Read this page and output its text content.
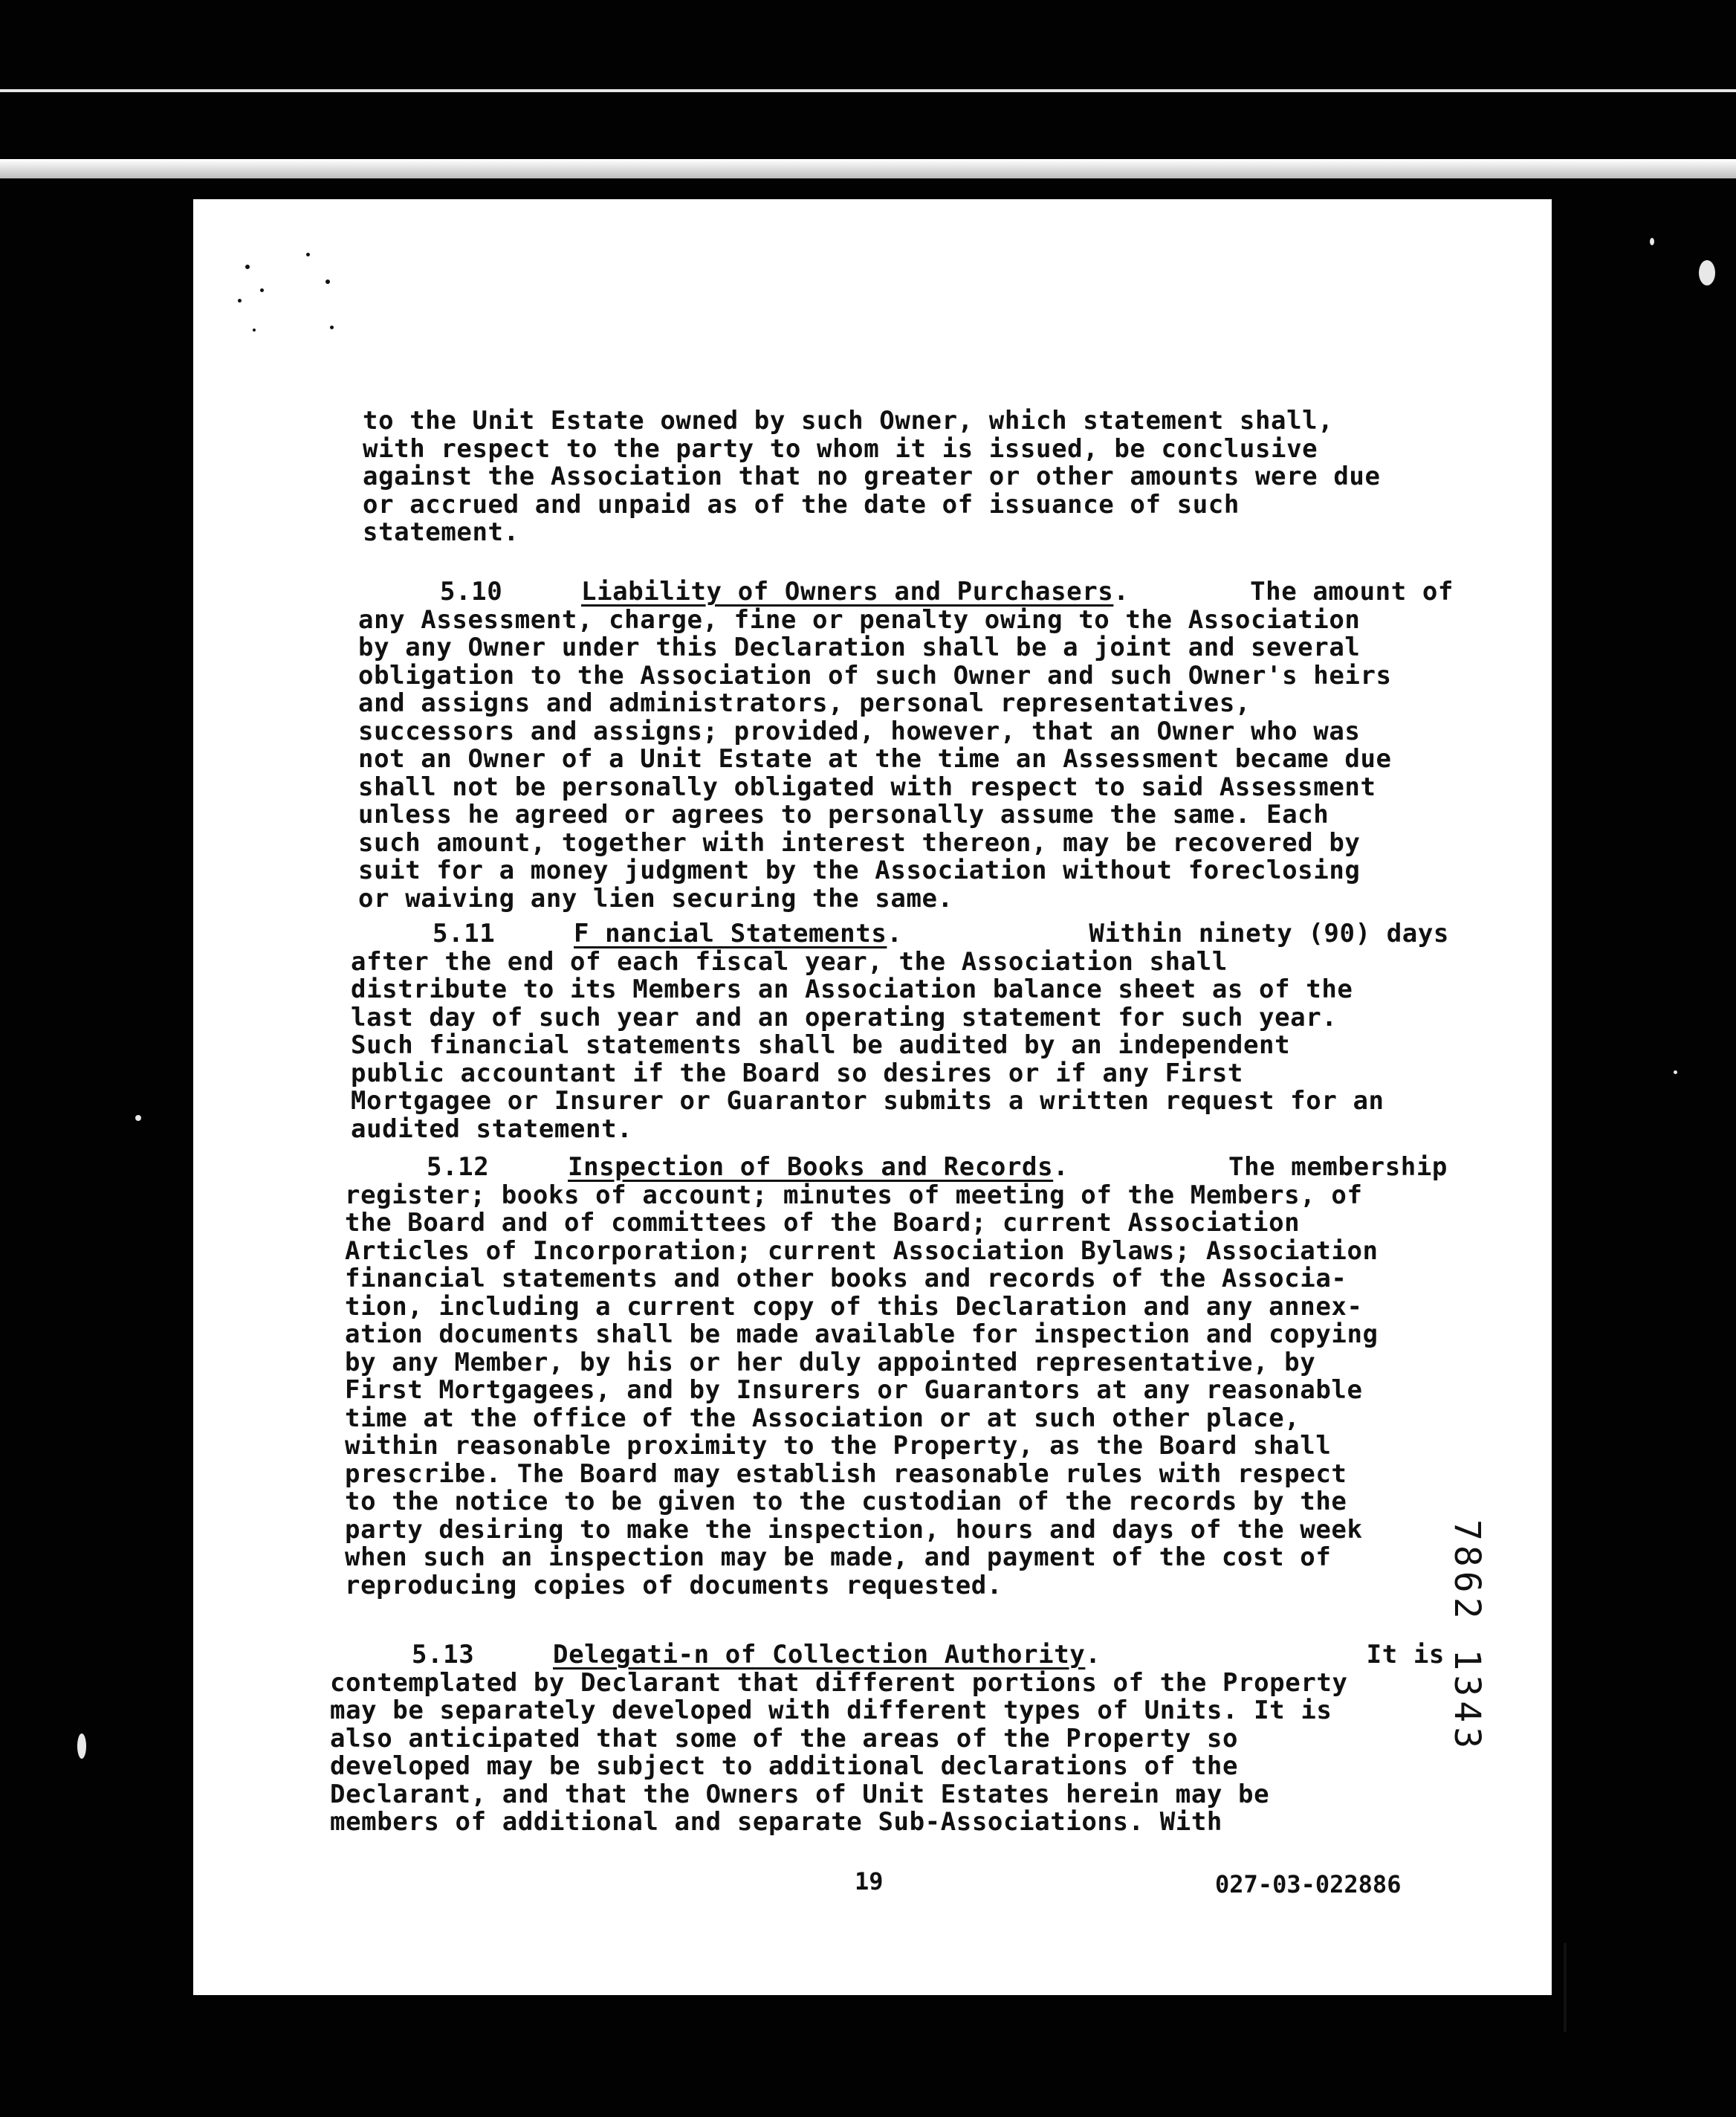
to the Unit Estate owned by such Owner, which statement shall,
with respect to the party to whom it is issued, be conclusive
against the Association that no greater or other amounts were due
or accrued and unpaid as of the date of issuance of such
statement.
5.10	Liability of Owners and Purchasers.	The amount of
any Assessment, charge, fine or penalty owing to the Association
by any Owner under this Declaration shall be a joint and several
obligation to the Association of such Owner and such Owner's heirs
and assigns and administrators, personal representatives,
successors and assigns; provided, however, that an Owner who was
not an Owner of a Unit Estate at the time an Assessment became due
shall not be personally obligated with respect to said Assessment
unless he agreed or agrees to personally assume the same. Each
such amount, together with interest thereon, may be recovered by
suit for a money judgment by the Association without foreclosing
or waiving any lien securing the same.
5.11	F nancial Statements.	Within ninety (90) days
after the end of each fiscal year, the Association shall
distribute to its Members an Association balance sheet as of the
last day of such year and an operating statement for such year.
Such financial statements shall be audited by an independent
public accountant if the Board so desires or if any First
Mortgagee or Insurer or Guarantor submits a written request for an
audited statement.
5.12	Inspection of Books and Records.	The membership
register; books of account; minutes of meeting of the Members, of
the Board and of committees of the Board; current Association
Articles of Incorporation; current Association Bylaws; Association
financial statements and other books and records of the Associa-
tion, including a current copy of this Declaration and any annex-
ation documents shall be made available for inspection and copying
by any Member, by his or her duly appointed representative, by
First Mortgagees, and by Insurers or Guarantors at any reasonable
time at the office of the Association or at such other place,
within reasonable proximity to the Property, as the Board shall
prescribe. The Board may establish reasonable rules with respect
to the notice to be given to the custodian of the records by the
party desiring to make the inspection, hours and days of the week
when such an inspection may be made, and payment of the cost of
reproducing copies of documents requested.
5.13	Delegati-n of Collection Authority.	It is
contemplated by Declarant that different portions of the Property
may be separately developed with different types of Units. It is
also anticipated that some of the areas of the Property so
developed may be subject to additional declarations of the
Declarant, and that the Owners of Unit Estates herein may be
members of additional and separate Sub-Associations. With
19	027-03-022886
7862 1343
